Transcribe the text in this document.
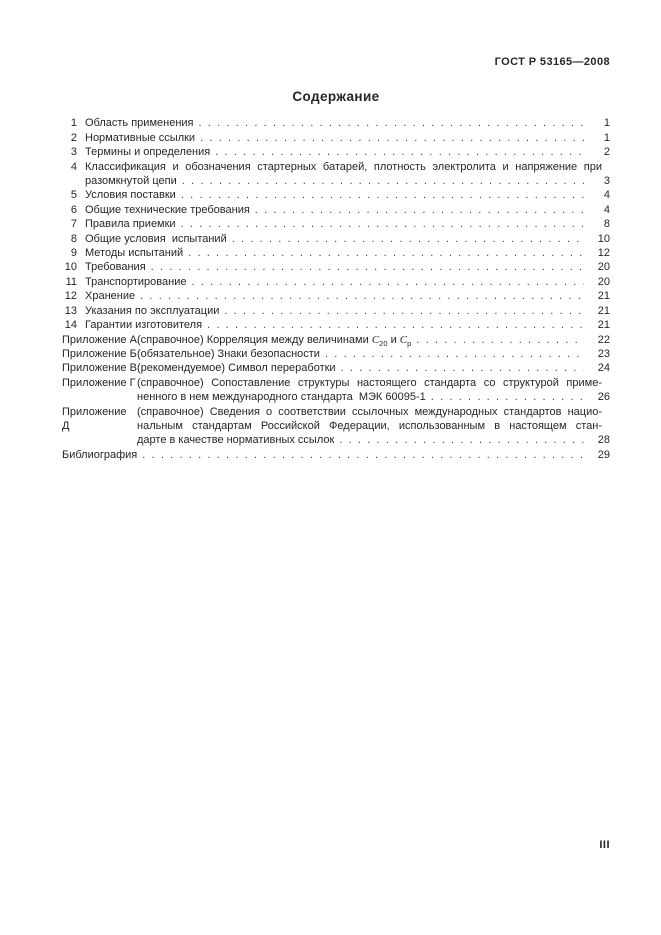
ГОСТ Р 53165—2008
Содержание
1 Область применения . . .	1
2 Нормативные ссылки . . .	1
3 Термины и определения . . .	2
4 Классификация и обозначения стартерных батарей, плотность электролита и напряжение при
разомкнутой цепи . . .	3
5 Условия поставки . . .	4
6 Общие технические требования . . .	4
7 Правила приемки . . .	8
8 Общие условия  испытаний . . .	10
9 Методы испытаний . . .	12
10 Требования . . .	20
11 Транспортирование . . .	20
12 Хранение . . .	21
13 Указания по эксплуатации . . .	21
14 Гарантии изготовителя . . .	21
Приложение А (справочное) Корреляция между величинами $C_{20}$ и $C_p$ . . .	22
Приложение Б (обязательное) Знаки безопасности . . .	23
Приложение В (рекомендуемое) Символ переработки . . .	24
Приложение Г (справочное) Сопоставление структуры настоящего стандарта со структурой приме-
ненного в нем международного стандарта  МЭК 60095-1 . . .	26
Приложение Д
(справочное) Сведения о соответствии ссылочных международных стандартов нацио-
нальным стандартам Российской Федерации, использованным в настоящем стан-
дарте в качестве нормативных ссылок . . .	28
Библиография . . .	29
III
